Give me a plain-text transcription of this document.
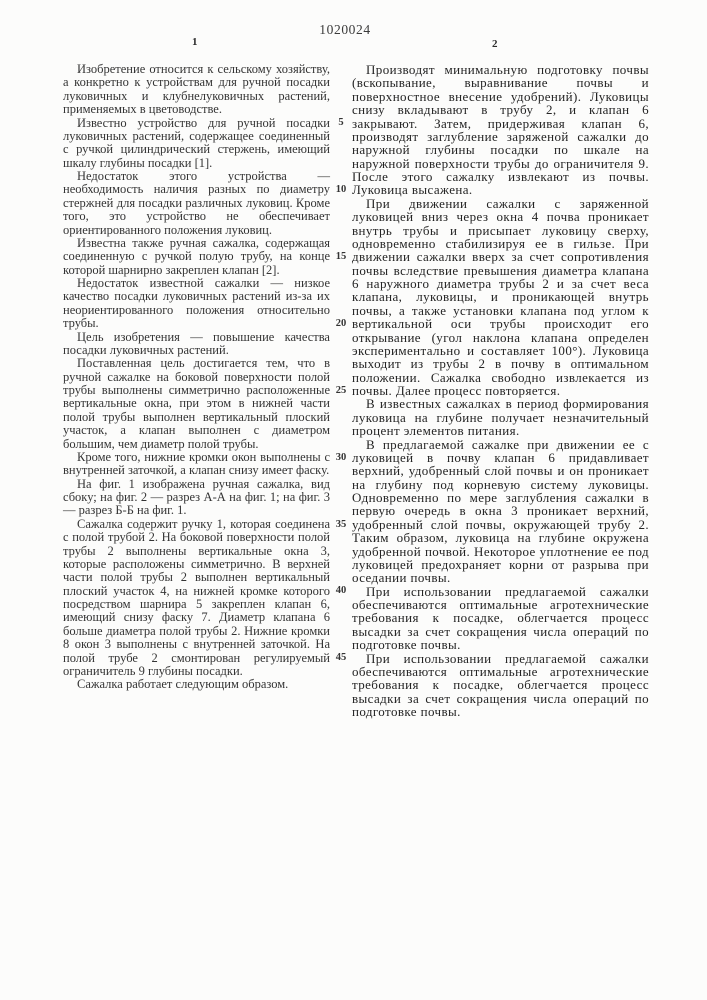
1020024
1	2
5
10
15
20
25
30
35
40
45

Изобретение относится к сельскому хозяйству, а конкретно к устройствам для ручной посадки луковичных и клубнелуковичных растений, применяемых в цветоводстве.

Известно устройство для ручной посадки луковичных растений, содержащее соединенный с ручкой цилиндрический стержень, имеющий шкалу глубины посадки [1].

Недостаток этого устройства — необходимость наличия разных по диаметру стержней для посадки различных луковиц. Кроме того, это устройство не обеспечивает ориентированного положения луковиц.

Известна также ручная сажалка, содержащая соединенную с ручкой полую трубу, на конце которой шарнирно закреплен клапан [2].

Недостаток известной сажалки — низкое качество посадки луковичных растений из-за их неориентированного положения относительно трубы.

Цель изобретения — повышение качества посадки луковичных растений.

Поставленная цель достигается тем, что в ручной сажалке на боковой поверхности полой трубы выполнены симметрично расположенные вертикальные окна, при этом в нижней части полой трубы выполнен вертикальный плоский участок, а клапан выполнен с диаметром большим, чем диаметр полой трубы.

Кроме того, нижние кромки окон выполнены с внутренней заточкой, а клапан снизу имеет фаску.

На фиг. 1 изображена ручная сажалка, вид сбоку; на фиг. 2 — разрез А-А на фиг. 1; на фиг. 3 — разрез Б-Б на фиг. 1.

Сажалка содержит ручку 1, которая соединена с полой трубой 2. На боковой поверхности полой трубы 2 выполнены вертикальные окна 3, которые расположены симметрично. В верхней части полой трубы 2 выполнен вертикальный плоский участок 4, на нижней кромке которого посредством шарнира 5 закреплен клапан 6, имеющий снизу фаску 7. Диаметр клапана 6 больше диаметра полой трубы 2. Нижние кромки 8 окон 3 выполнены с внутренней заточкой. На полой трубе 2 смонтирован регулируемый ограничитель 9 глубины посадки.

Сажалка работает следующим образом.

Производят минимальную подготовку почвы (вскопывание, выравнивание почвы и поверхностное внесение удобрений). Луковицы снизу вкладывают в трубу 2, и клапан 6 закрывают. Затем, придерживая клапан 6, производят заглубление заряженой сажалки до наружной глубины посадки по шкале на наружной поверхности трубы до ограничителя 9. После этого сажалку извлекают из почвы. Луковица высажена.

При движении сажалки с заряженной луковицей вниз через окна 4 почва проникает внутрь трубы и присыпает луковицу сверху, одновременно стабилизируя ее в гильзе. При движении сажалки вверх за счет сопротивления почвы вследствие превышения диаметра клапана 6 наружного диаметра трубы 2 и за счет веса клапана, луковицы, и проникающей внутрь почвы, а также установки клапана под углом к вертикальной оси трубы происходит его открывание (угол наклона клапана определен экспериментально и составляет 100°). Луковица выходит из трубы 2 в почву в оптимальном положении. Сажалка свободно извлекается из почвы. Далее процесс повторяется.

В известных сажалках в период формирования луковица на глубине получает незначительный процент элементов питания.

В предлагаемой сажалке при движении ее с луковицей в почву клапан 6 придавливает верхний, удобренный слой почвы и он проникает на глубину под корневую систему луковицы. Одновременно по мере заглубления сажалки в первую очередь в окна 3 проникает верхний, удобренный слой почвы, окружающей трубу 2. Таким образом, луковица на глубине окружена удобренной почвой. Некоторое уплотнение ее под луковицей предохраняет корни от разрыва при оседании почвы.

При использовании предлагаемой сажалки обеспечиваются оптимальные агротехнические требования к посадке, облегчается процесс высадки за счет сокращения числа операций по подготовке почвы.

При использовании предлагаемой сажалки обеспечиваются оптимальные агротехнические требования к посадке, облегчается процесс высадки за счет сокращения числа операций по подготовке почвы.
